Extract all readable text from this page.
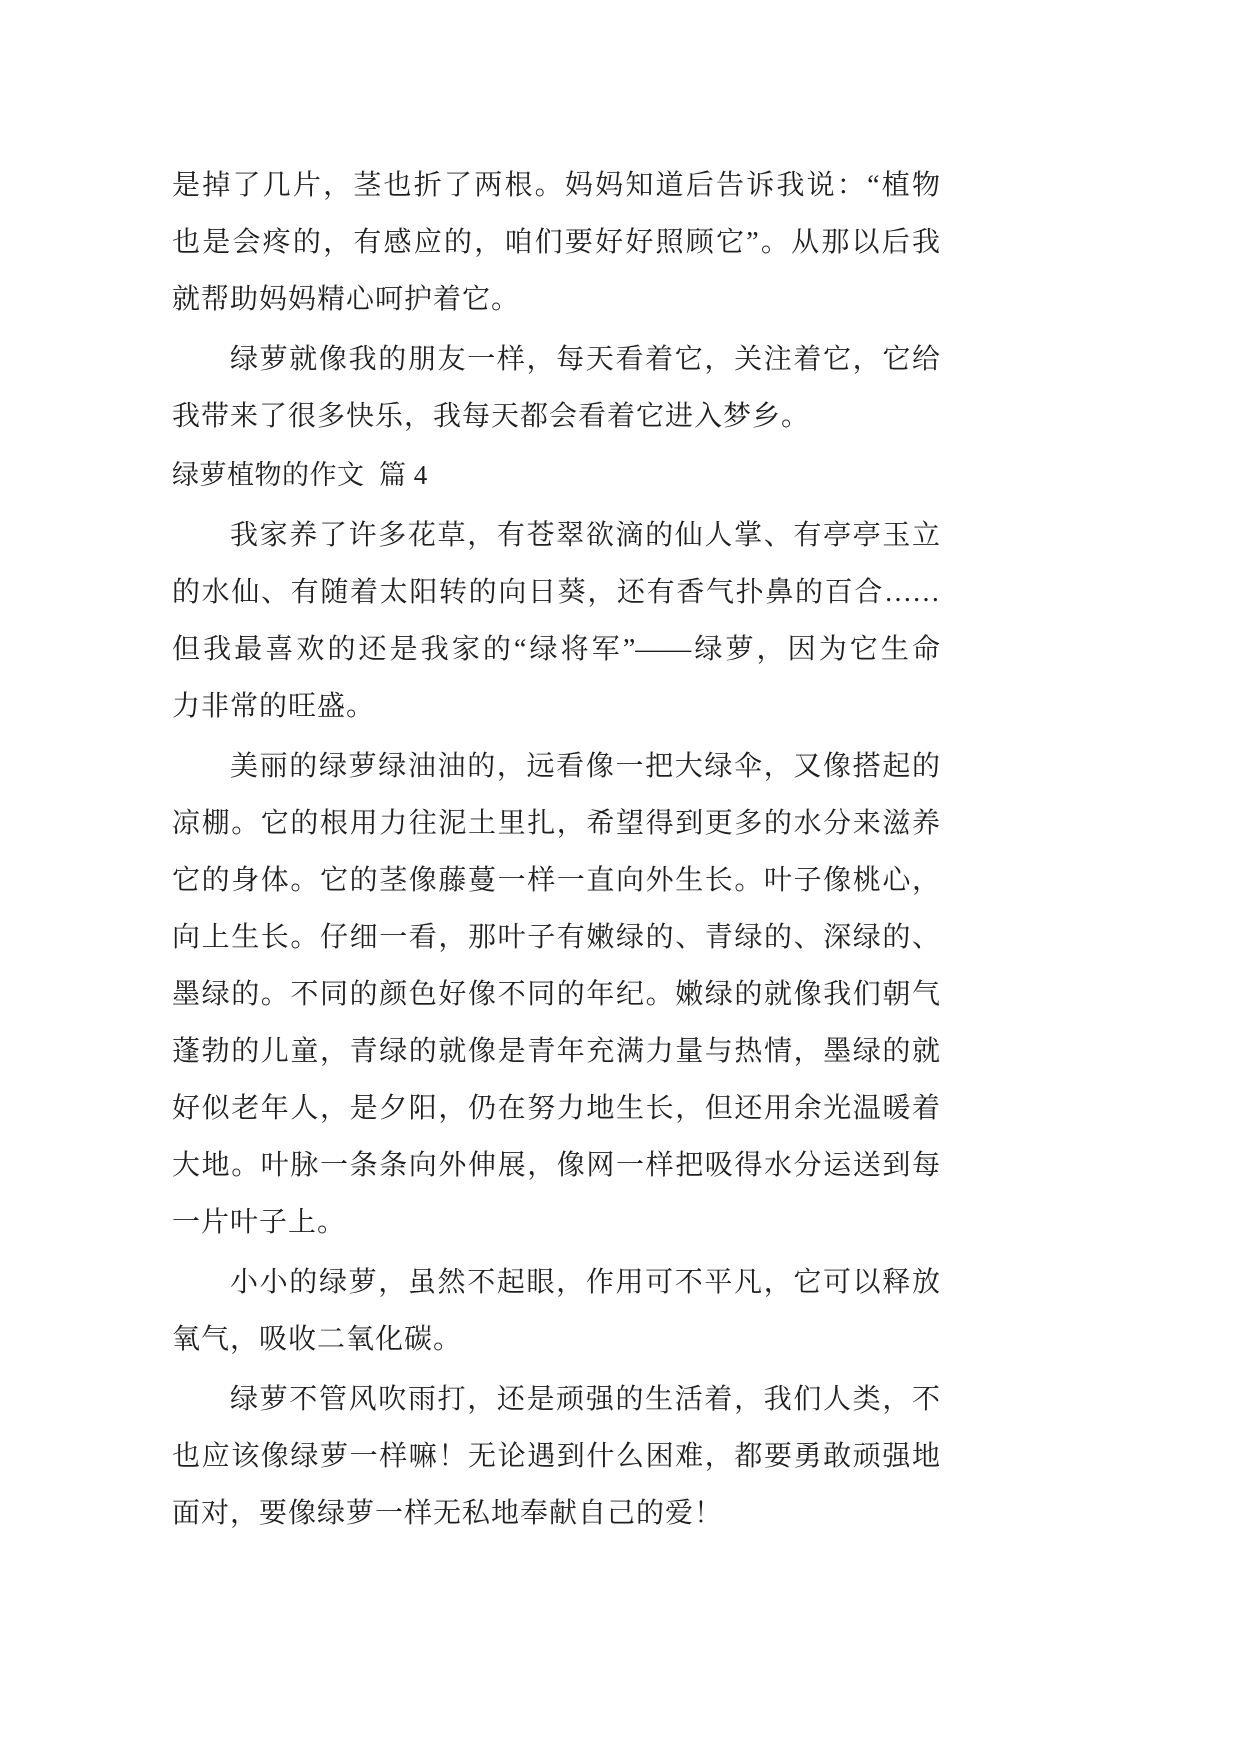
是掉了几片，茎也折了两根。妈妈知道后告诉我说：“植物
也是会疼的，有感应的，咱们要好好照顾它”。从那以后我
就帮助妈妈精心呵护着它。
绿萝就像我的朋友一样，每天看着它，关注着它，它给
我带来了很多快乐，我每天都会看着它进入梦乡。
绿萝植物的作文  篇 4
我家养了许多花草，有苍翠欲滴的仙人掌、有亭亭玉立
的水仙、有随着太阳转的向日葵，还有香气扑鼻的百合……
但我最喜欢的还是我家的“绿将军”——绿萝，因为它生命
力非常的旺盛。
美丽的绿萝绿油油的，远看像一把大绿伞，又像搭起的
凉棚。它的根用力往泥土里扎，希望得到更多的水分来滋养
它的身体。它的茎像藤蔓一样一直向外生长。叶子像桃心，
向上生长。仔细一看，那叶子有嫩绿的、青绿的、深绿的、
墨绿的。不同的颜色好像不同的年纪。嫩绿的就像我们朝气
蓬勃的儿童，青绿的就像是青年充满力量与热情，墨绿的就
好似老年人，是夕阳，仍在努力地生长，但还用余光温暖着
大地。叶脉一条条向外伸展，像网一样把吸得水分运送到每
一片叶子上。
小小的绿萝，虽然不起眼，作用可不平凡，它可以释放
氧气，吸收二氧化碳。
绿萝不管风吹雨打，还是顽强的生活着，我们人类，不
也应该像绿萝一样嘛！无论遇到什么困难，都要勇敢顽强地
面对，要像绿萝一样无私地奉献自己的爱！
